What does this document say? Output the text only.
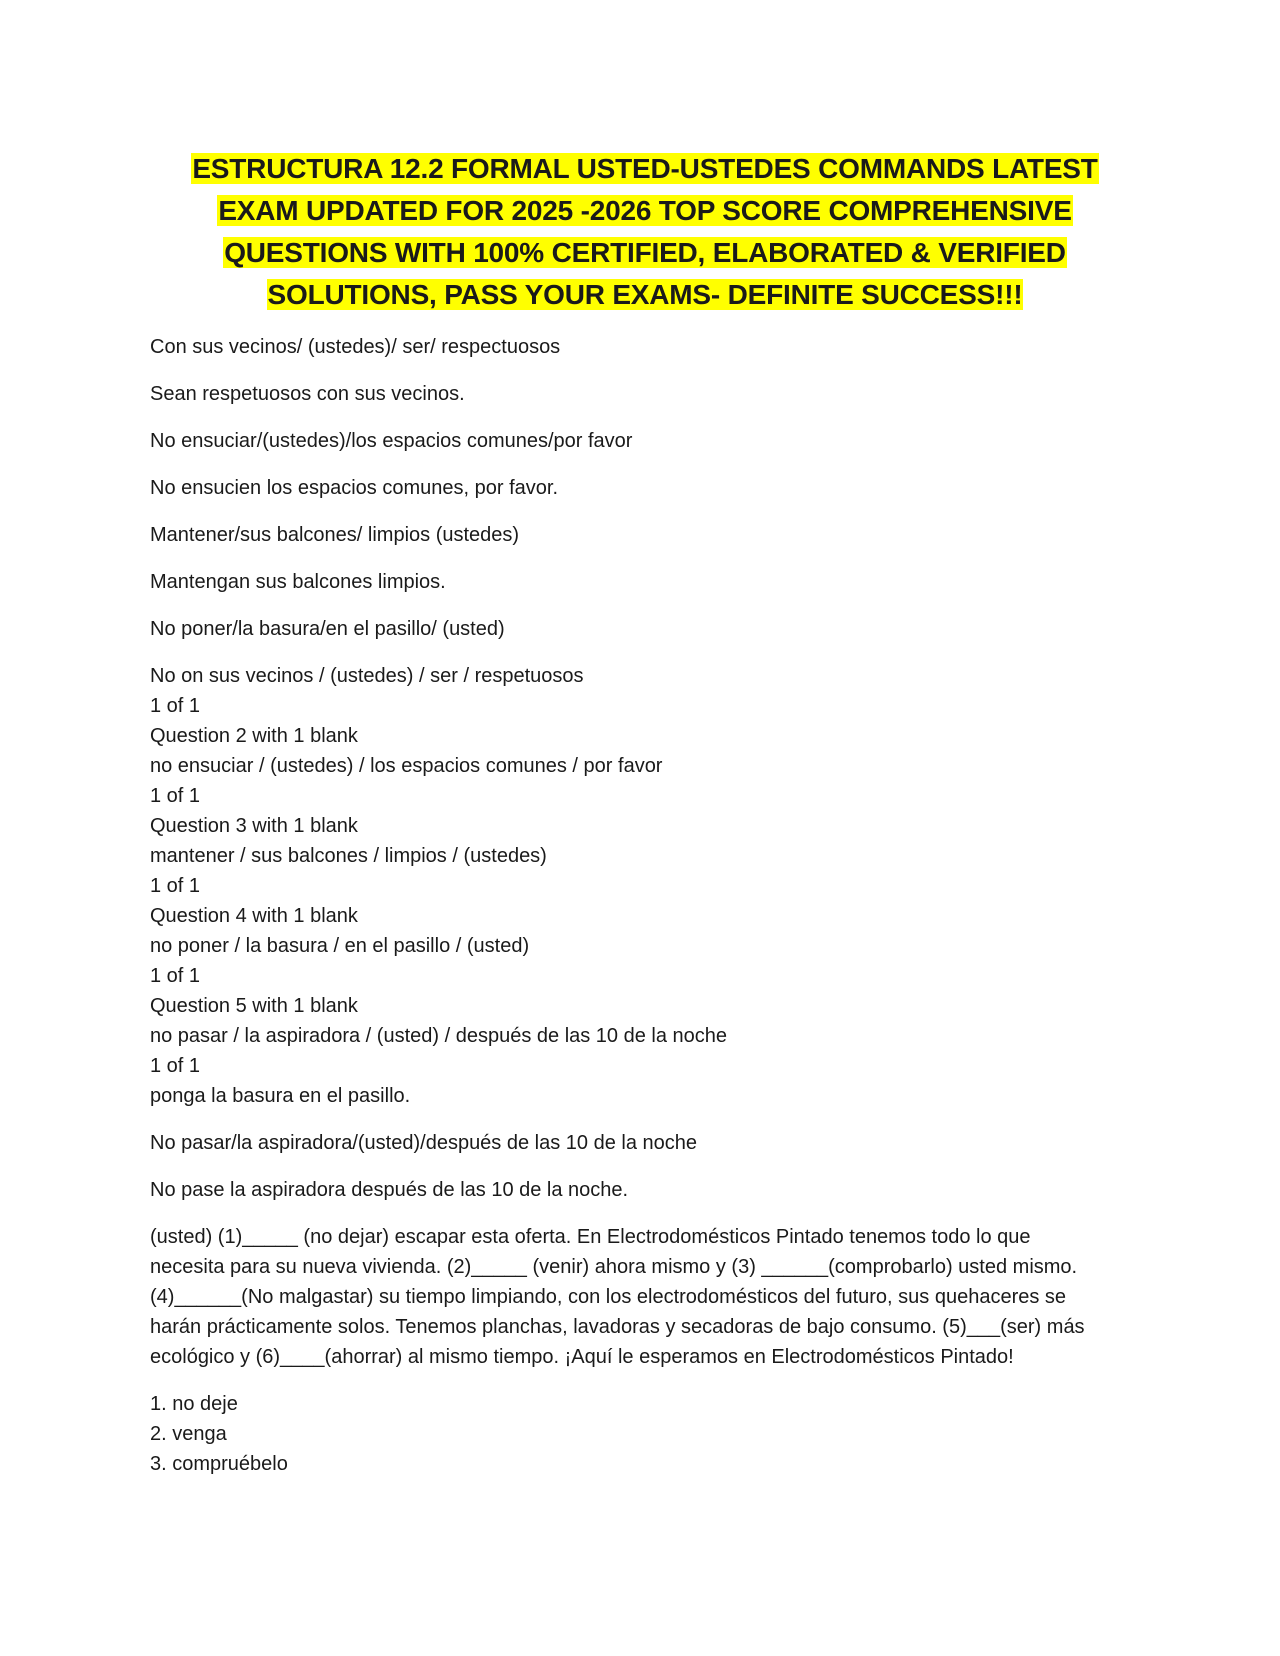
ESTRUCTURA 12.2 FORMAL USTED-USTEDES COMMANDS LATEST
EXAM UPDATED FOR 2025 -2026 TOP SCORE COMPREHENSIVE
QUESTIONS WITH 100% CERTIFIED, ELABORATED & VERIFIED
SOLUTIONS, PASS YOUR EXAMS- DEFINITE SUCCESS!!!

Con sus vecinos/ (ustedes)/ ser/ respectuosos

Sean respetuosos con sus vecinos.

No ensuciar/(ustedes)/los espacios comunes/por favor

No ensucien los espacios comunes, por favor.

Mantener/sus balcones/ limpios (ustedes)

Mantengan sus balcones limpios.

No poner/la basura/en el pasillo/ (usted)

No on sus vecinos / (ustedes) / ser / respetuosos

1 of 1

Question 2 with 1 blank

no ensuciar / (ustedes) / los espacios comunes / por favor

1 of 1

Question 3 with 1 blank

mantener / sus balcones / limpios / (ustedes)

1 of 1

Question 4 with 1 blank

no poner / la basura / en el pasillo / (usted)

1 of 1

Question 5 with 1 blank

no pasar / la aspiradora / (usted) / después de las 10 de la noche

1 of 1

ponga la basura en el pasillo.

No pasar/la aspiradora/(usted)/después de las 10 de la noche

No pase la aspiradora después de las 10 de la noche.

(usted) (1)_____ (no dejar) escapar esta oferta. En Electrodomésticos Pintado tenemos todo lo que

necesita para su nueva vivienda. (2)_____ (venir) ahora mismo y (3) ______(comprobarlo) usted mismo.

(4)______(No malgastar) su tiempo limpiando, con los electrodomésticos del futuro, sus quehaceres se

harán prácticamente solos. Tenemos planchas, lavadoras y secadoras de bajo consumo. (5)___(ser) más

ecológico y (6)____(ahorrar) al mismo tiempo. ¡Aquí le esperamos en Electrodomésticos Pintado!

1. no deje

2. venga

3. compruébelo
